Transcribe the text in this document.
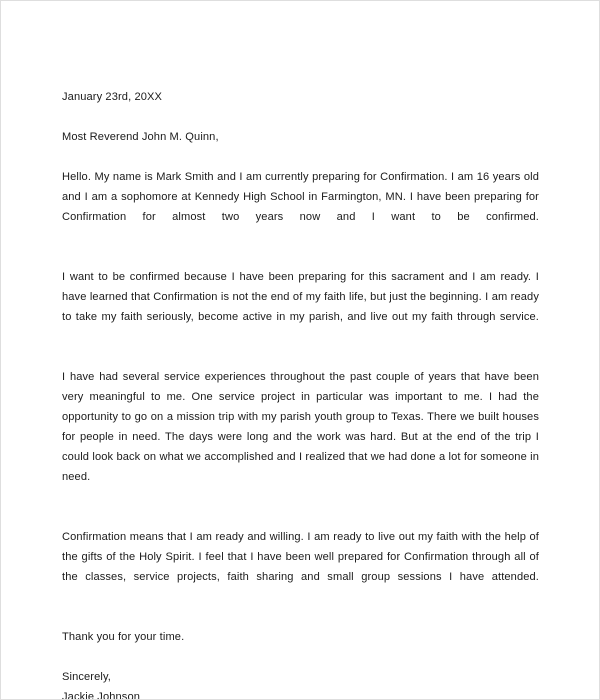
January 23rd, 20XX

Most Reverend John M. Quinn,

Hello. My name is Mark Smith and I am currently preparing for Confirmation. I am 16 years old and I am a sophomore at Kennedy High School in Farmington, MN. I have been preparing for Confirmation for almost two years now and I want to be confirmed.

I want to be confirmed because I have been preparing for this sacrament and I am ready. I have learned that Confirmation is not the end of my faith life, but just the beginning. I am ready to take my faith seriously, become active in my parish, and live out my faith through service.

I have had several service experiences throughout the past couple of years that have been very meaningful to me. One service project in particular was important to me. I had the opportunity to go on a mission trip with my parish youth group to Texas. There we built houses for people in need. The days were long and the work was hard. But at the end of the trip I could look back on what we accomplished and I realized that we had done a lot for someone in need.

Confirmation means that I am ready and willing. I am ready to live out my faith with the help of the gifts of the Holy Spirit. I feel that I have been well prepared for Confirmation through all of the classes, service projects, faith sharing and small group sessions I have attended.

Thank you for your time.

Sincerely,

Jackie Johnson
